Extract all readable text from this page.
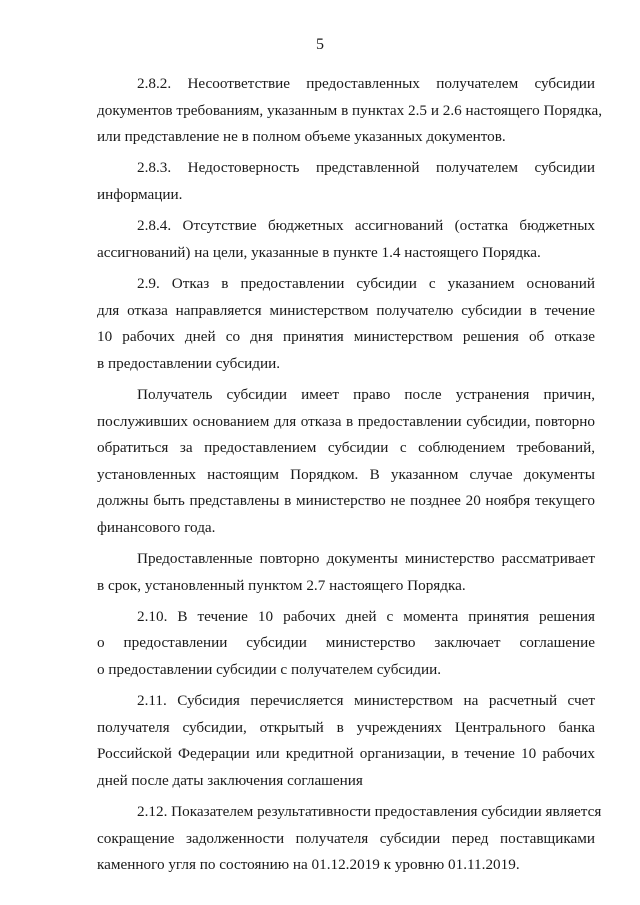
5
2.8.2. Несоответствие предоставленных получателем субсидии
документов требованиям, указанным в пунктах 2.5 и 2.6 настоящего Порядка,
или представление не в полном объеме указанных документов.
2.8.3. Недостоверность представленной получателем субсидии
информации.
2.8.4. Отсутствие бюджетных ассигнований (остатка бюджетных
ассигнований) на цели, указанные в пункте 1.4 настоящего Порядка.
2.9. Отказ в предоставлении субсидии с указанием оснований
для отказа направляется министерством получателю субсидии в течение
10 рабочих дней со дня принятия министерством решения об отказе
в предоставлении субсидии.
Получатель субсидии имеет право после устранения причин,
послуживших основанием для отказа в предоставлении субсидии, повторно
обратиться за предоставлением субсидии с соблюдением требований,
установленных настоящим Порядком. В указанном случае документы
должны быть представлены в министерство не позднее 20 ноября текущего
финансового года.
Предоставленные повторно документы министерство рассматривает
в срок, установленный пунктом 2.7 настоящего Порядка.
2.10. В течение 10 рабочих дней с момента принятия решения
о предоставлении субсидии министерство заключает соглашение
о предоставлении субсидии с получателем субсидии.
2.11. Субсидия перечисляется министерством на расчетный счет
получателя субсидии, открытый в учреждениях Центрального банка
Российской Федерации или кредитной организации, в течение 10 рабочих
дней после даты заключения соглашения
2.12. Показателем результативности предоставления субсидии является
сокращение задолженности получателя субсидии перед поставщиками
каменного угля по состоянию на 01.12.2019 к уровню 01.11.2019.
